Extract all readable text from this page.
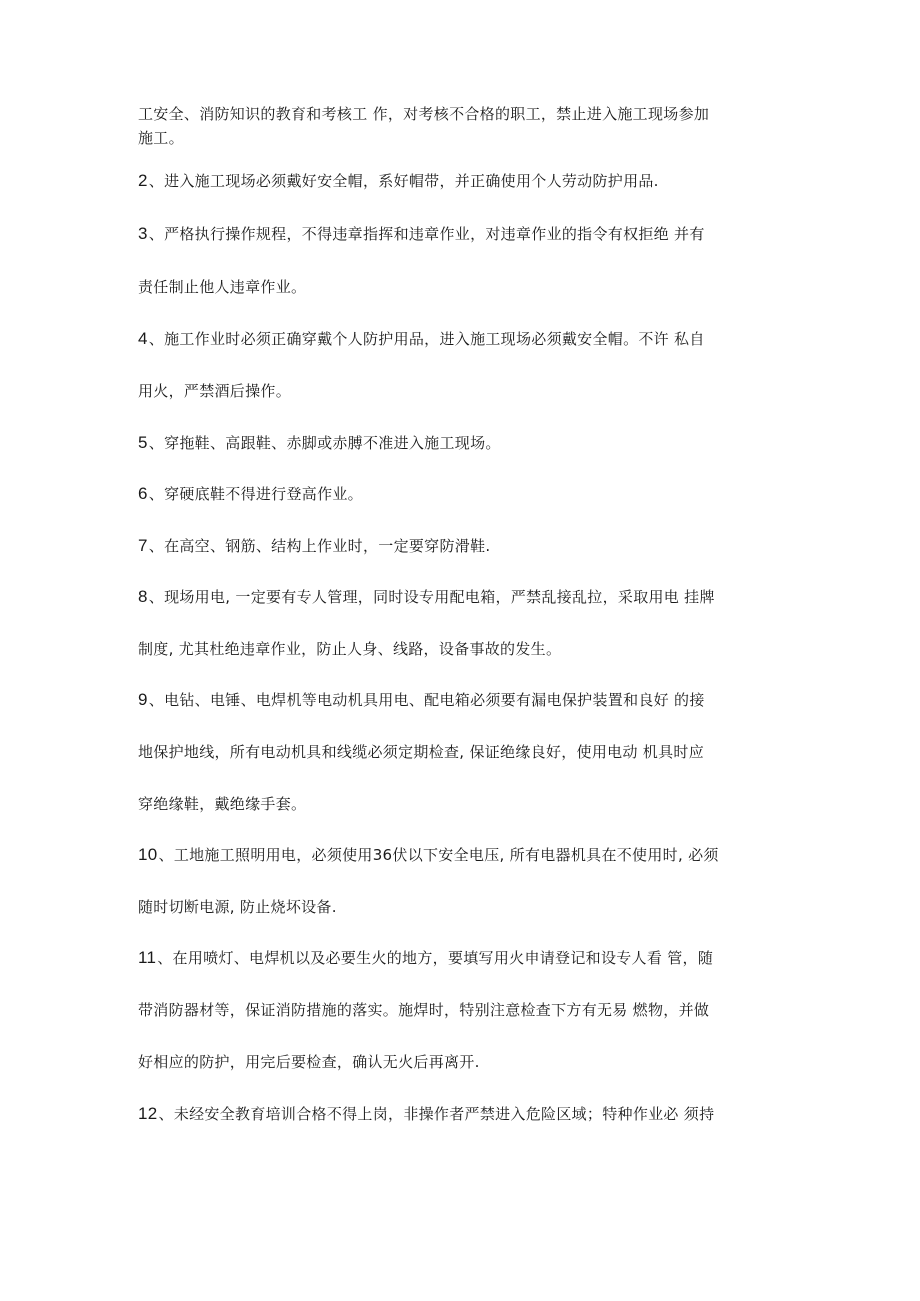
工安全、消防知识的教育和考核工 作，对考核不合格的职工，禁止进入施工现场参加
施工。
2、进入施工现场必须戴好安全帽，系好帽带，并正确使用个人劳动防护用品.
3、严格执行操作规程，不得违章指挥和违章作业，对违章作业的指令有权拒绝 并有
责任制止他人违章作业。
4、施工作业时必须正确穿戴个人防护用品，进入施工现场必须戴安全帽。不许 私自
用火，严禁酒后操作。
5、穿拖鞋、高跟鞋、赤脚或赤膊不准进入施工现场。
6、穿硬底鞋不得进行登高作业。
7、在高空、钢筋、结构上作业时，一定要穿防滑鞋.
8、现场用电, 一定要有专人管理，同时设专用配电箱，严禁乱接乱拉，采取用电 挂牌
制度, 尤其杜绝违章作业，防止人身、线路，设备事故的发生。
9、电钻、电锤、电焊机等电动机具用电、配电箱必须要有漏电保护装置和良好 的接
地保护地线，所有电动机具和线缆必须定期检查, 保证绝缘良好，使用电动 机具时应
穿绝缘鞋，戴绝缘手套。
10、工地施工照明用电，必须使用36伏以下安全电压, 所有电器机具在不使用时, 必须
随时切断电源, 防止烧坏设备.
11、在用喷灯、电焊机以及必要生火的地方，要填写用火申请登记和设专人看 管，随
带消防器材等，保证消防措施的落实。施焊时，特别注意检查下方有无易 燃物，并做
好相应的防护，用完后要检查，确认无火后再离开.
12、未经安全教育培训合格不得上岗，非操作者严禁进入危险区域；特种作业必 须持
